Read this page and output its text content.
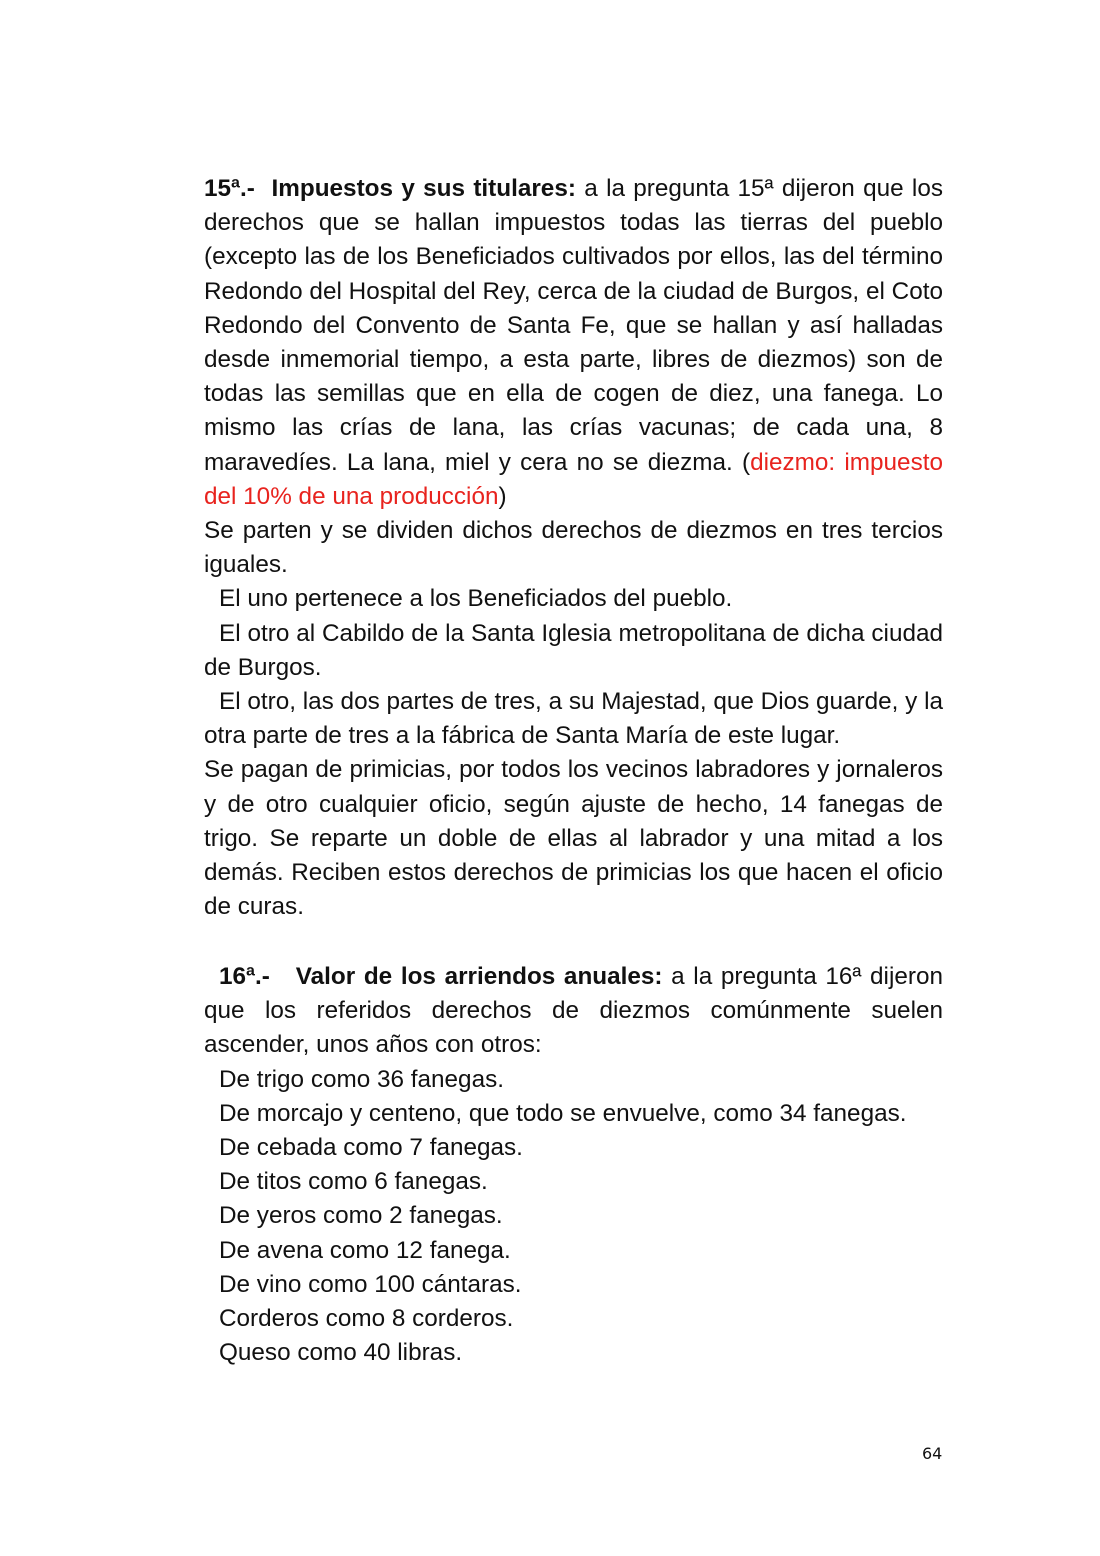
15ª.- Impuestos y sus titulares: a la pregunta 15ª dijeron que los derechos que se hallan impuestos todas las tierras del pueblo (excepto las de los Beneficiados cultivados por ellos, las del término Redondo del Hospital del Rey, cerca de la ciudad de Burgos, el Coto Redondo del Convento de Santa Fe, que se hallan y así halladas desde inmemorial tiempo, a esta parte, libres de diezmos) son de todas las semillas que en ella de cogen de diez, una fanega. Lo mismo las crías de lana, las crías vacunas; de cada una, 8 maravedíes. La lana, miel y cera no se diezma. (diezmo: impuesto del 10% de una producción)

Se parten y se dividen dichos derechos de diezmos en tres tercios iguales.

El uno pertenece a los Beneficiados del pueblo.

El otro al Cabildo de la Santa Iglesia metropolitana de dicha ciudad de Burgos.

El otro, las dos partes de tres, a su Majestad, que Dios guarde, y la otra parte de tres a la fábrica de Santa María de este lugar.

Se pagan de primicias, por todos los vecinos labradores y jornaleros y de otro cualquier oficio, según ajuste de hecho, 14 fanegas de trigo. Se reparte un doble de ellas al labrador y una mitad a los demás. Reciben estos derechos de primicias los que hacen el oficio de curas.

16ª.- Valor de los arriendos anuales: a la pregunta 16ª dijeron que los referidos derechos de diezmos comúnmente suelen ascender, unos años con otros:

De trigo como 36 fanegas.

De morcajo y centeno, que todo se envuelve, como 34 fanegas.

De cebada como 7 fanegas.

De titos como 6 fanegas.

De yeros como 2 fanegas.

De avena como 12 fanega.

De vino como 100 cántaras.

Corderos como 8 corderos.

Queso como 40 libras.

64
